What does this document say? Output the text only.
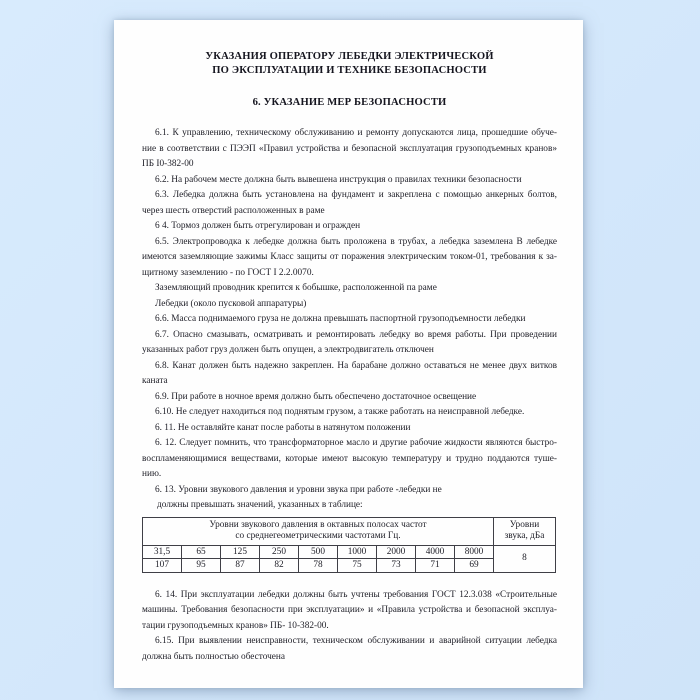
УКАЗАНИЯ ОПЕРАТОРУ ЛЕБЕДКИ ЭЛЕКТРИЧЕСКОЙ
ПО ЭКСПЛУАТАЦИИ И ТЕХНИКЕ БЕЗОПАСНОСТИ
6. УКАЗАНИЕ МЕР БЕЗОПАСНОСТИ
6.1. К управлению, техническому обслуживанию и ремонту допускаются лица, прошедшие обуче-
ние в соответствии с ПЭЭП «Правил устройства и безопасной эксплуатация грузоподъемных кранов»
ПБ I0-382-00
6.2. На рабочем месте должна быть вывешена инструкция о правилах техники безопасности
6.3. Лебедка должна быть установлена на фундамент и закреплена с помощью анкерных болтов,
через шесть отверстий расположенных в раме
6 4. Тормоз должен быть отрегулирован и огражден
6.5. Электропроводка к лебедке должна быть проложена в трубах, а лебедка заземлена В лебедке
имеются заземляющие зажимы Класс защиты от поражения электрическим током-01, требования к за-
щитному заземлению - по ГОСТ I 2.2.0070.
Заземляющий проводник крепится к бобышке, расположенной па раме
Лебедки (около пусковой аппаратуры)
6.6. Масса поднимаемого груза не должна превышать паспортной грузоподъемности лебедки
6.7. Опасно смазывать, осматривать и ремонтировать лебедку во время работы. При проведении
указанных работ груз должен быть опущен, а электродвигатель отключен
6.8. Канат должен быть надежно закреплен. На барабане должно оставаться не менее двух витков
каната
6.9. При работе в ночное время должно быть обеспечено достаточное освещение
6.10. Не следует находиться под поднятым грузом, а также работать на неисправной лебедке.
6. 11. Не оставляйте канат после работы в натянутом положении
6. 12. Следует помнить, что трансформаторное масло и другие рабочие жидкости являются быстро-
воспламеняющимися веществами, которые имеют высокую температуру и трудно поддаются туше-
нию.
6. 13. Уровни звукового давления и уровни звука при работе -лебедки не
должны превышать значений, указанных в таблице:
Уровни звукового давления в октавных полосах частот
со среднегеометрическими частотами Гц.

Уровни
звука, дБа

31,5	65	125	250	500	1000	2000	4000	8000	8
107	95	87	82	78	75	73	71	69	
6. 14. При эксплуатации лебедки должны быть учтены требования ГОСТ 12.3.038 «Строительные
машины. Требования безопасности при эксплуатации» и «Правила устройства и безопасной эксплуа-
тации грузоподъемных кранов» ПБ- 10-382-00.
6.15. При выявлении неисправности, техническом обслуживании и аварийной ситуации лебедка
должна быть полностью обесточена
